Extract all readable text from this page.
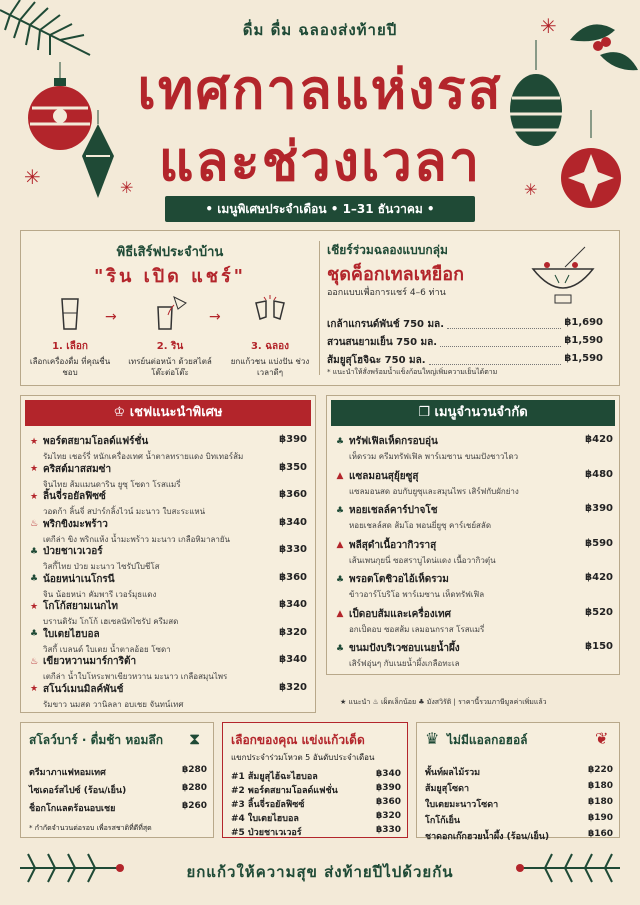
✳	✳
✳
✳
ดื่ม ดื่ม ฉลองส่งท้ายปี
เทศกาลแห่งรส
และช่วงเวลา
• เมนูพิเศษประจำเดือน • 1–31 ธันวาคม •
พิธีเสิร์ฟประจำบ้าน
"ริน เปิด แชร์"
1. เลือก
เลือกเครื่องดื่ม ที่คุณชื่นชอบ
→
2. ริน
เทรย์นต่อหน้า ด้วยสไตล์โต๊ะต่อโต๊ะ
→
3. ฉลอง
ยกแก้วชน แบ่งปัน ช่วงเวลาดีๆ
เชียร์ร่วมฉลองแบบกลุ่ม
ชุดค็อกเทลเหยือก
ออกแบบเพื่อการแชร์ 4–6 ท่าน
เกล้าแกรนด์พันช์ 750 มล.	฿1,690
สวนสนยามเย็น 750 มล.	฿1,590
ส้มยูสุโฮจิฉะ 750 มล.	฿1,590
* แนะนำให้สั่งพร้อมน้ำแข็งก้อนใหญ่เพิ่มความเย็นได้ตาม
♔ เชฟแนะนำพิเศษ
★ พอร์ตสยามโอลด์แฟร์ชั่น	฿390
รัมไทย เชอร์รี่ หนักเครื่องเทศ น้ำตาลทรายแดง บิทเทอร์ส้ม
★ คริสต์มาสสมซ่า	฿350
จินไทย ส้มแมนดาริน ยูซุ โซดา โรสแมรี่
★ ลิ้นจี่รอยัลฟิซซ์	฿360
วอดก้า ลิ้นจี่ สปาร์กลิ้งไวน์ มะนาว ใบสะระแหน่
♨ พริกขิงมะพร้าว	฿340
เตกีล่า ขิง พริกแห้ง น้ำมะพร้าว มะนาว เกลือหิมาลายัน
♣ ป่วยชาเวเวอร์	฿330
วิสกี้ไทย ป่วย มะนาว ไซรัปใบชีโส
♣ น้อยหน่าเนโกรนี	฿360
จิน น้อยหน่า คัมพารี เวอร์มุธแดง
★ โกโก้สยามเนกไท	฿340
บรานดิรัม โกโก้ เฮเซลนัทไซรัป ครีมสด
♣ ใบเตยไฮบอล	฿320
วิสกี้ เบลนด์ ใบเตย น้ำตาลอ้อย โซดา
♨ เขียวหวานมาร์การิต้า	฿340
เตกีล่า น้ำใบโหระพาเขียวหวาน มะนาว เกลือสมุนไพร
★ สโนว์เมนมิลค์พันช์	฿320
รัมขาว นมสด วานิลลา อบเชย จันทน์เทศ
❒ เมนูจำนวนจำกัด
♣ ทรัฟเฟิลเห็ดกรอบอุ่น	฿420
เห็ดรวม ครีมทรัฟเฟิล พาร์เมซาน ขนมปังชาวไดว
▲ แซลมอนสุยุ้ยซูสุ	฿480
แซลมอนสด อบกับยูซุและสมุนไพร เสิร์ฟกับผักย่าง
♣ หอยเชลล์คาร์ปาจโช	฿390
หอยเชลล์สด ส้มโอ พอนยี่ยูซุ คาร์เชย์สลัด
▲ พลีสุดำเนื้อวากิวราสุ	฿590
เส้นเพนกุยนี่ ซอสราบูไดน่แดง เนื้อวากิวตุ๋น
♣ พรอตโตชิวอไอ้เห็ดรวม	฿420
ข้าวอาร์โบริโอ พาร์เมซาน เห็ดทรัฟเฟิล
▲ เป็ดอบส้มและเครื่องเทศ	฿520
อกเป็ดอบ ซอสส้ม เลมอนกราส โรสแมรี่
♣ ขนมปังบริเวซอบเนยน้ำผึ้ง	฿150
เสิร์ฟอุ่นๆ กับเนยน้ำผึ้งเกลือทะเล
★ แนะนำ ♨ เผ็ดเล็กน้อย ♣ มังสวิรัติ | ราคานี้รวมภาษีมูลค่าเพิ่มแล้ว
สโลว์บาร์ · ดื่มช้า หอมลึก ⧗
ตรีมาภาแฟหอมเทศ	฿280
ไซเดอร์สไปซ์ (ร้อน/เย็น)	฿280
ช็อกโกแลตร้อนอบเชย	฿260
* กำกัดจำนวนต่อรอบ เพื่อรสชาติที่ดีที่สุด
เลือกของคุณ แข่งแก้วเด็ด
แขกประจำร่วมโหวต 5 อันดับประจำเดือน
#1 ส้มยูสุไฮ้ฉะไฮบอล	฿340
#2 พอร์ตสยามโอลด์แฟชั่น	฿390
#3 ลิ้นจี่รอยัลฟิซซ์	฿360
#4 ใบเตยไฮบอล	฿320
#5 ป่วยชาเวเวอร์	฿330
♛ ไม่มีแอลกอฮอล์	❦
พั้นท์ผลไม้รวม	฿220
ส้มยูสุโซดา	฿180
ใบเตยมะนาวโซดา	฿180
โกโก้เย็น	฿190
ชาดอกเก๊กฮวยน้ำผึ้ง (ร้อน/เย็น)	฿160
ยกแก้วให้ความสุข ส่งท้ายปีไปด้วยกัน
